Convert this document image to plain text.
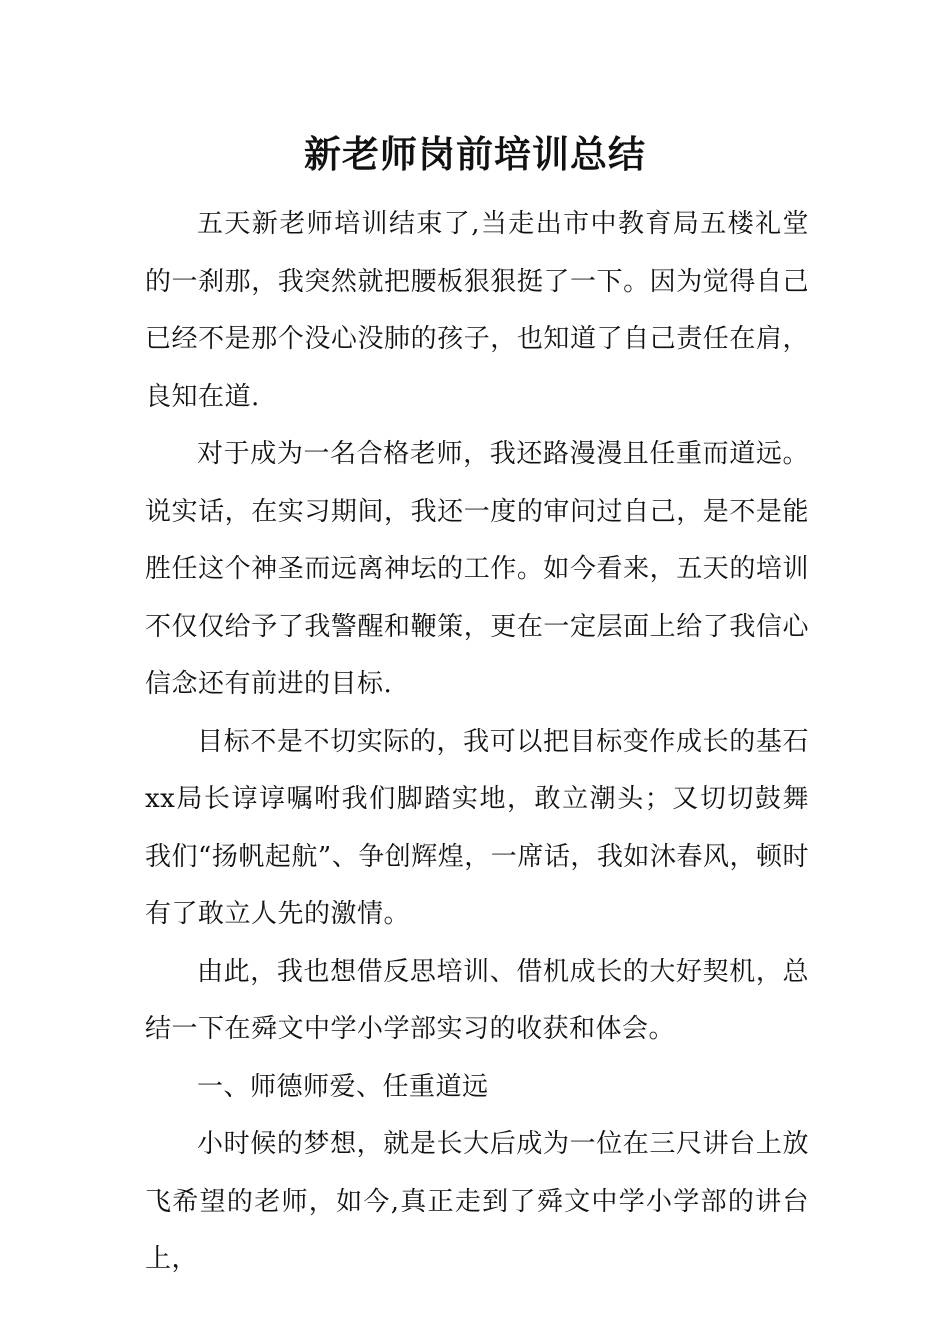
新老师岗前培训总结

五天新老师培训结束了,当走出市中教育局五楼礼堂的一刹那，我突然就把腰板狠狠挺了一下。因为觉得自己已经不是那个没心没肺的孩子，也知道了自己责任在肩，良知在道.

对于成为一名合格老师，我还路漫漫且任重而道远。说实话，在实习期间，我还一度的审问过自己，是不是能胜任这个神圣而远离神坛的工作。如今看来，五天的培训不仅仅给予了我警醒和鞭策，更在一定层面上给了我信心信念还有前进的目标.

目标不是不切实际的，我可以把目标变作成长的基石xx局长谆谆嘱咐我们脚踏实地，敢立潮头；又切切鼓舞我们“扬帆起航”、争创辉煌，一席话，我如沐春风，顿时有了敢立人先的激情。

由此，我也想借反思培训、借机成长的大好契机，总结一下在舜文中学小学部实习的收获和体会。

一、师德师爱、任重道远

小时候的梦想，就是长大后成为一位在三尺讲台上放飞希望的老师，如今,真正走到了舜文中学小学部的讲台上，
